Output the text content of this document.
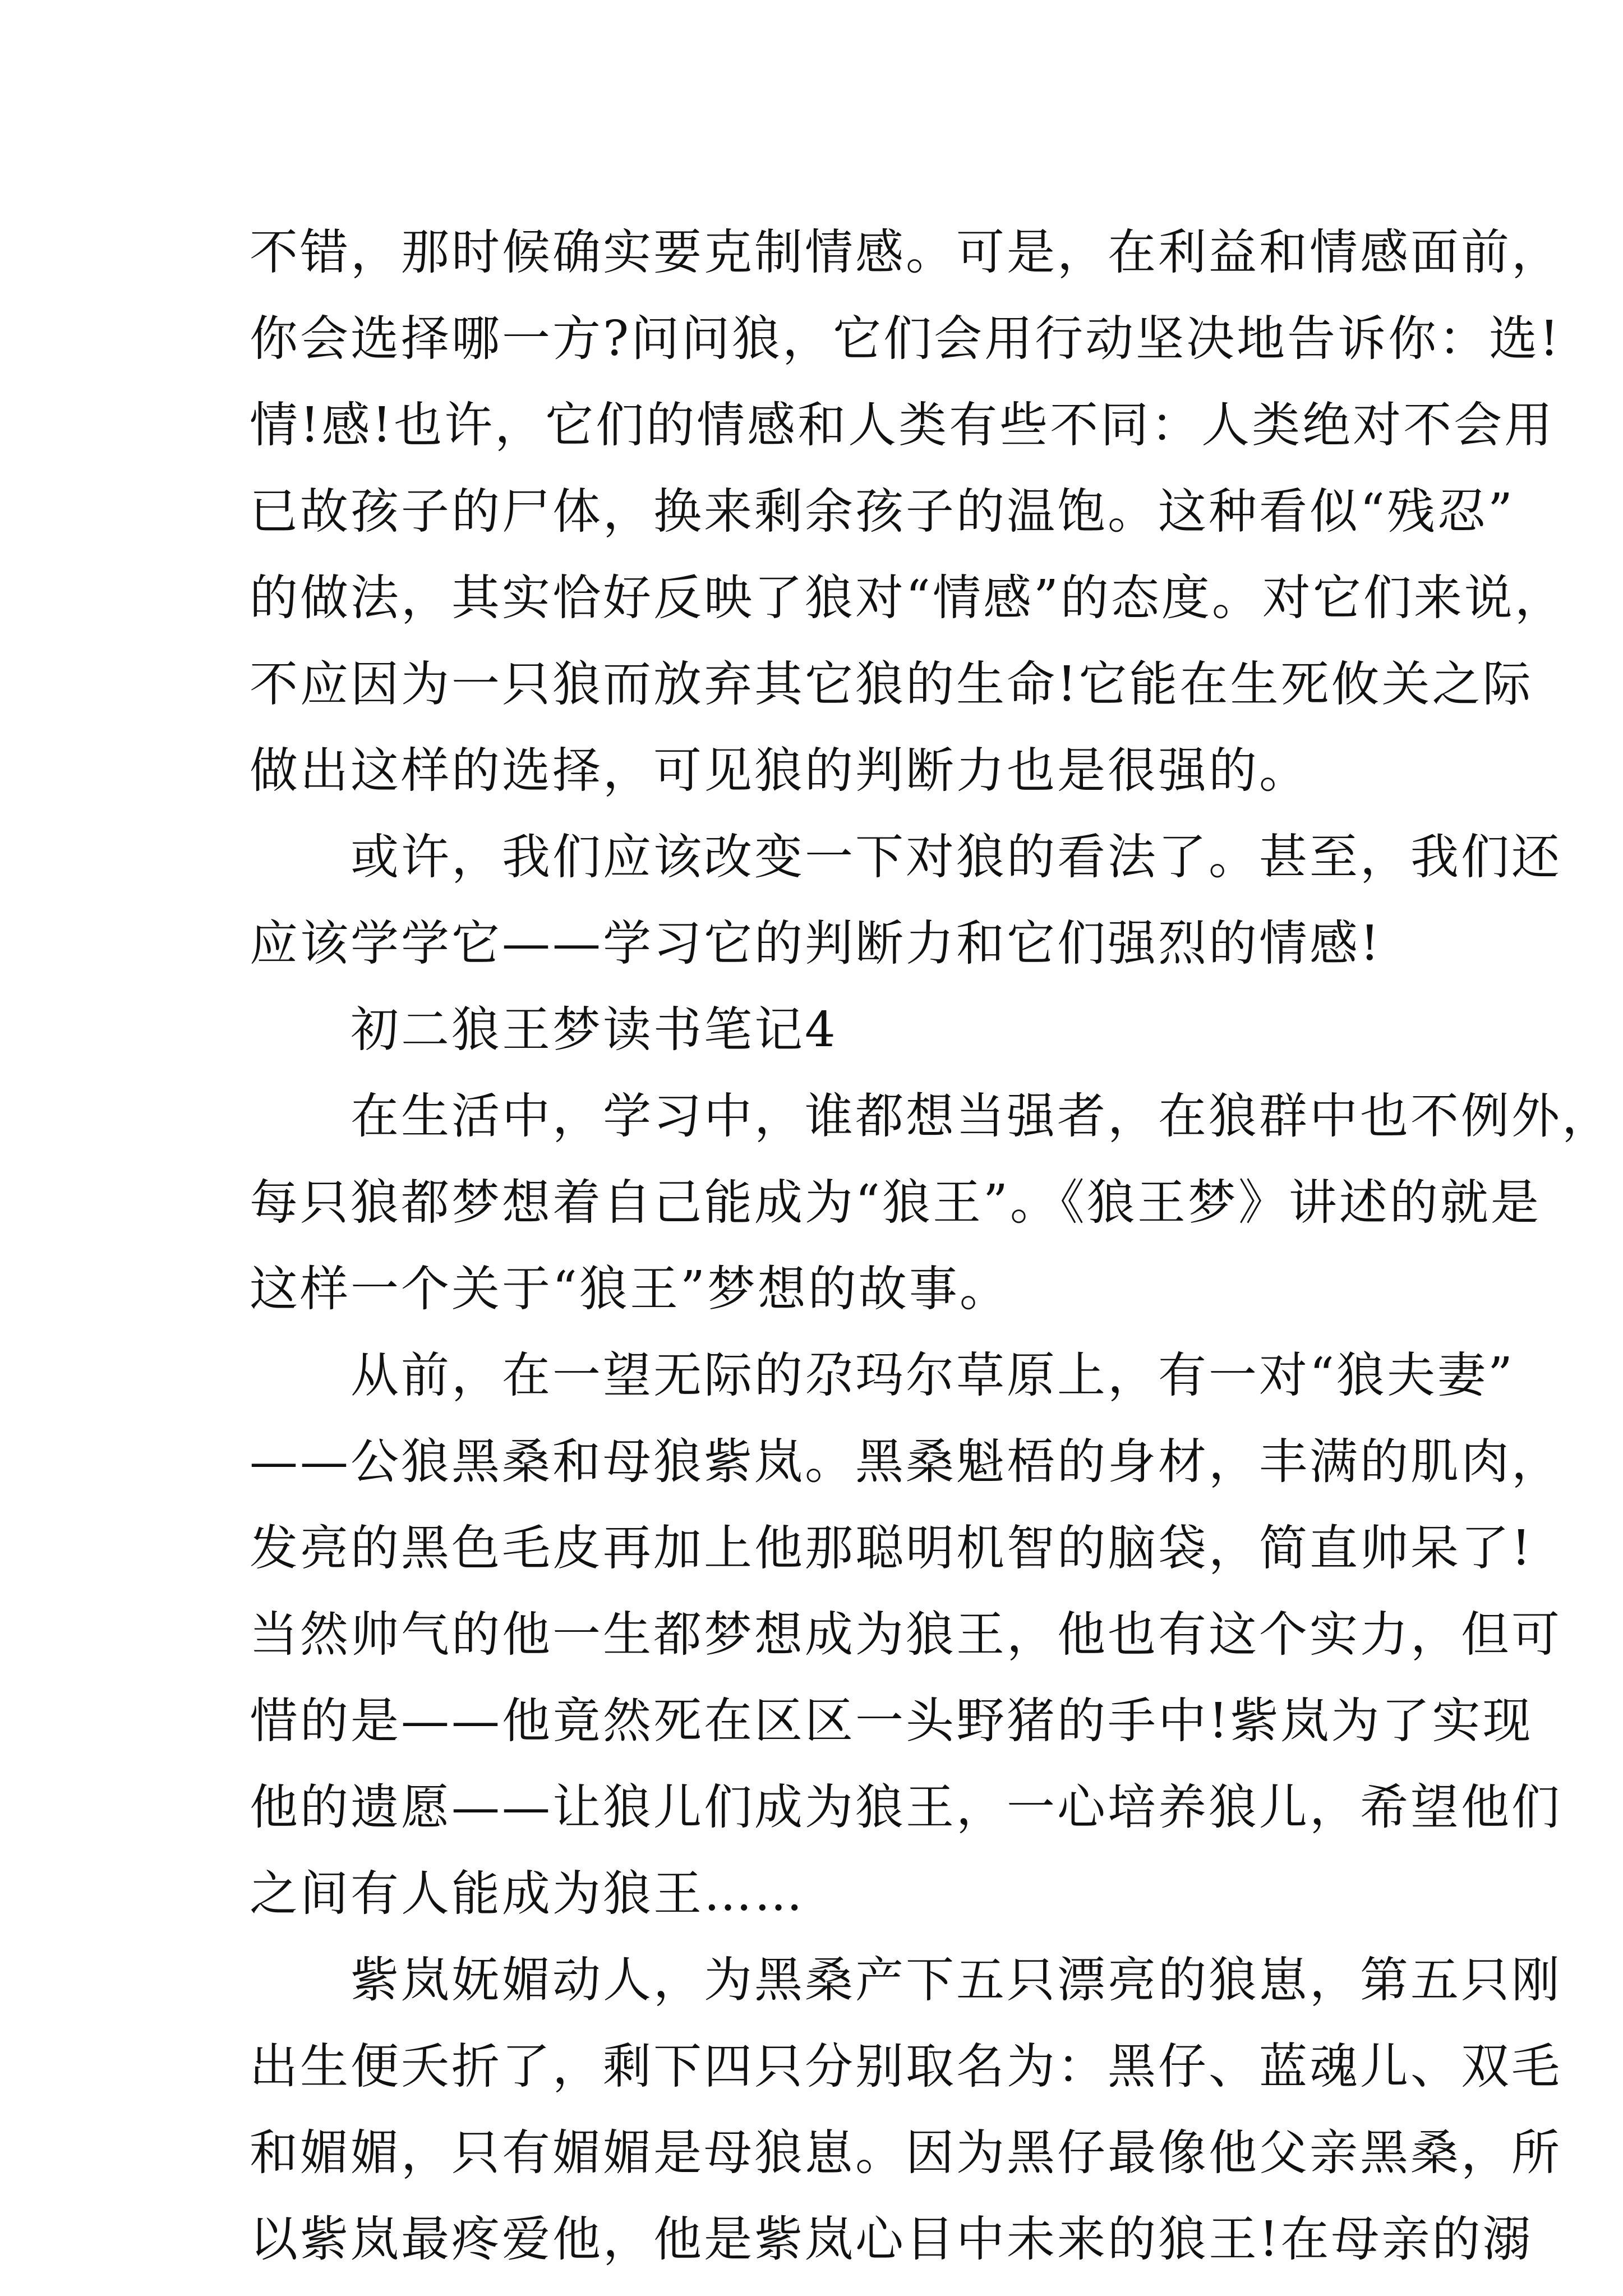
不错，那时候确实要克制情感。可是，在利益和情感面前，
你会选择哪一方?问问狼，它们会用行动坚决地告诉你：选!
情!感!也许，它们的情感和人类有些不同：人类绝对不会用
已故孩子的尸体，换来剩余孩子的温饱。这种看似“残忍”
的做法，其实恰好反映了狼对“情感”的态度。对它们来说，
不应因为一只狼而放弃其它狼的生命!它能在生死攸关之际
做出这样的选择，可见狼的判断力也是很强的。
　　或许，我们应该改变一下对狼的看法了。甚至，我们还
应该学学它——学习它的判断力和它们强烈的情感!
　　初二狼王梦读书笔记4
　　在生活中，学习中，谁都想当强者，在狼群中也不例外，
每只狼都梦想着自己能成为“狼王”。《狼王梦》讲述的就是
这样一个关于“狼王”梦想的故事。
　　从前，在一望无际的尕玛尔草原上，有一对“狼夫妻”
——公狼黑桑和母狼紫岚。黑桑魁梧的身材，丰满的肌肉，
发亮的黑色毛皮再加上他那聪明机智的脑袋，简直帅呆了!
当然帅气的他一生都梦想成为狼王，他也有这个实力，但可
惜的是——他竟然死在区区一头野猪的手中!紫岚为了实现
他的遗愿——让狼儿们成为狼王，一心培养狼儿，希望他们
之间有人能成为狼王……
　　紫岚妩媚动人，为黑桑产下五只漂亮的狼崽，第五只刚
出生便夭折了，剩下四只分别取名为：黑仔、蓝魂儿、双毛
和媚媚，只有媚媚是母狼崽。因为黑仔最像他父亲黑桑，所
以紫岚最疼爱他，他是紫岚心目中未来的狼王!在母亲的溺
